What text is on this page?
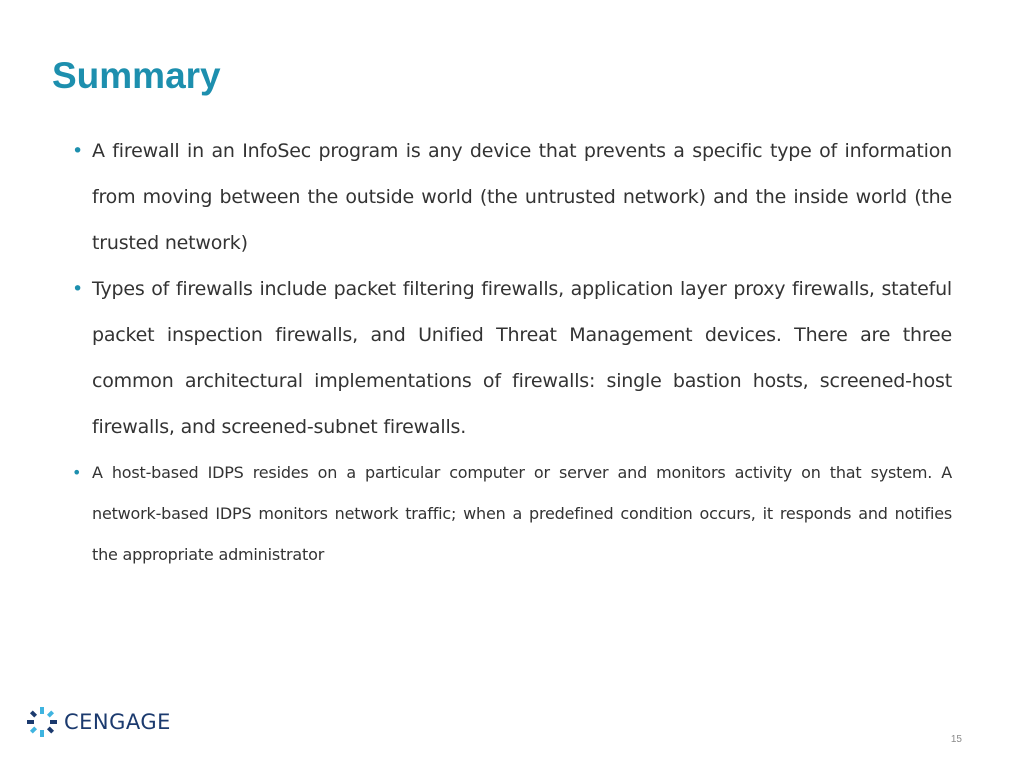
Summary
• A firewall in an InfoSec program is any device that prevents a specific type of information from moving between the outside world (the untrusted network) and the inside world (the trusted network)
• Types of firewalls include packet filtering firewalls, application layer proxy firewalls, stateful packet inspection firewalls, and Unified Threat Management devices. There are three common architectural implementations of firewalls: single bastion hosts, screened-host firewalls, and screened-subnet firewalls.
• A host-based IDPS resides on a particular computer or server and monitors activity on that system. A network-based IDPS monitors network traffic; when a predefined condition occurs, it responds and notifies the appropriate administrator
CENGAGE
15
